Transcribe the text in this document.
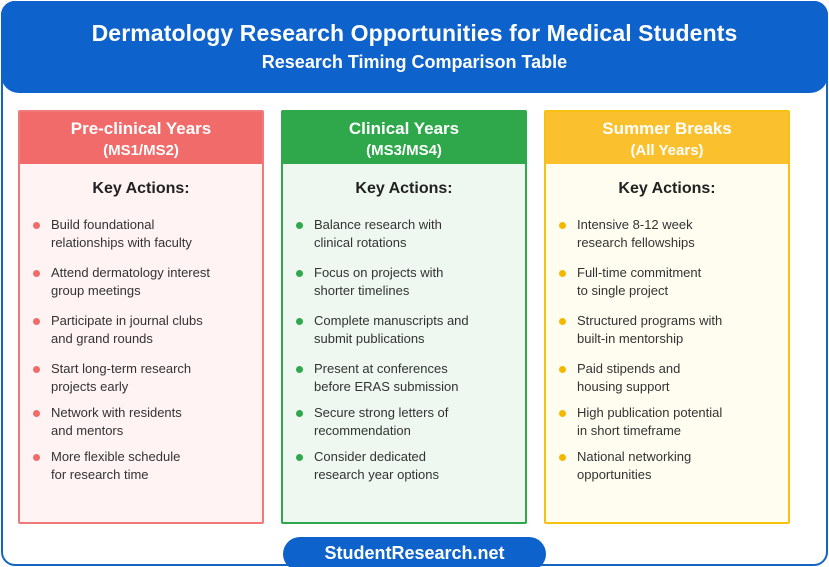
Dermatology Research Opportunities for Medical Students
Research Timing Comparison Table
Pre-clinical Years
(MS1/MS2)
Key Actions:
Build foundational
relationships with faculty
Attend dermatology interest
group meetings
Participate in journal clubs
and grand rounds
Start long-term research
projects early
Network with residents
and mentors
More flexible schedule
for research time
Clinical Years
(MS3/MS4)
Key Actions:
Balance research with
clinical rotations
Focus on projects with
shorter timelines
Complete manuscripts and
submit publications
Present at conferences
before ERAS submission
Secure strong letters of
recommendation
Consider dedicated
research year options
Summer Breaks
(All Years)
Key Actions:
Intensive 8-12 week
research fellowships
Full-time commitment
to single project
Structured programs with
built-in mentorship
Paid stipends and
housing support
High publication potential
in short timeframe
National networking
opportunities
StudentResearch.net
